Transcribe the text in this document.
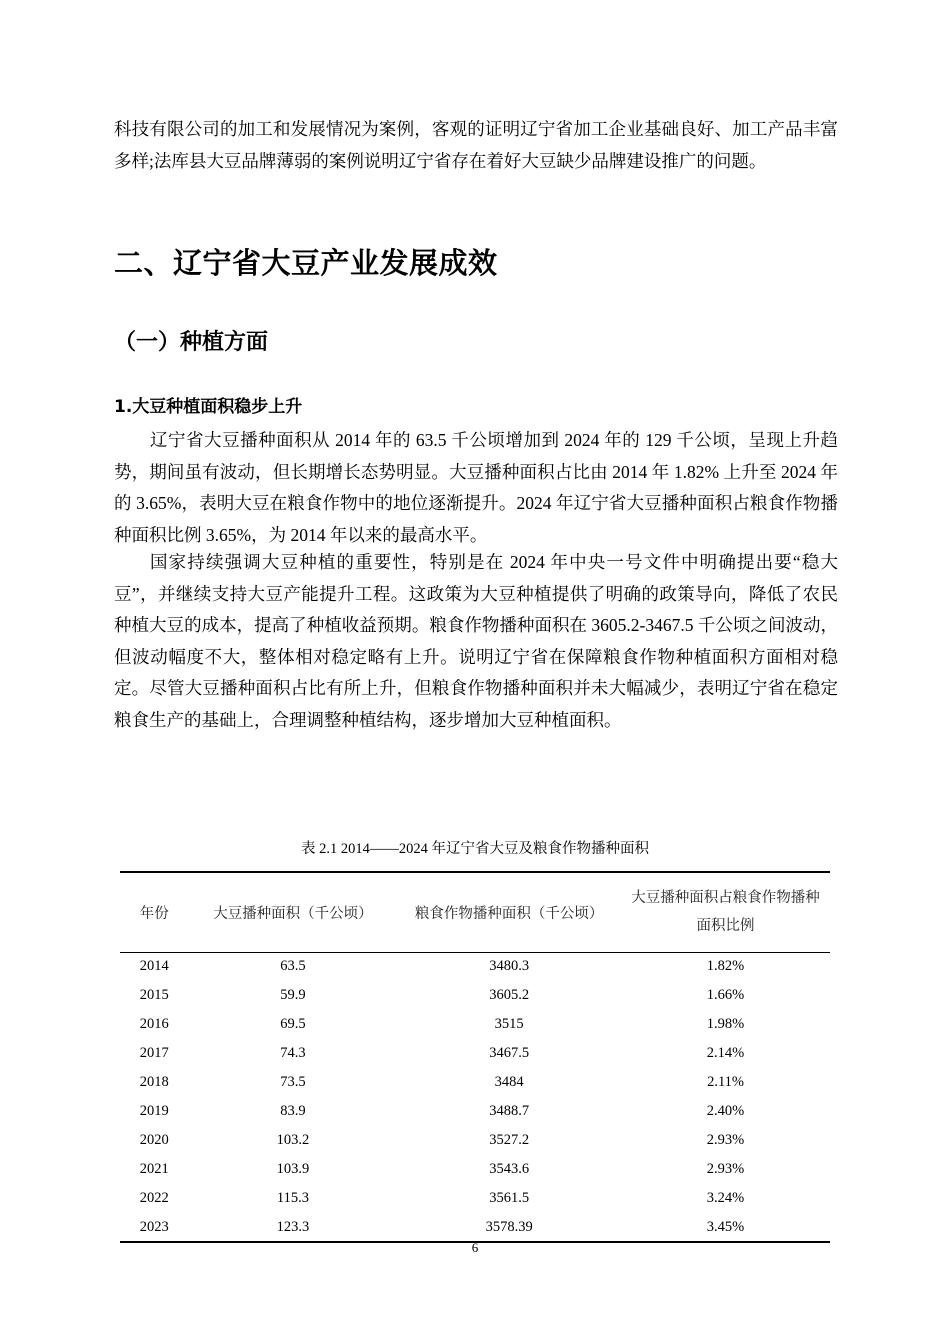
科技有限公司的加工和发展情况为案例，客观的证明辽宁省加工企业基础良好、加工产品丰富多样;法库县大豆品牌薄弱的案例说明辽宁省存在着好大豆缺少品牌建设推广的问题。

二、辽宁省大豆产业发展成效
（一）种植方面
1.大豆种植面积稳步上升

辽宁省大豆播种面积从 2014 年的 63.5 千公顷增加到 2024 年的 129 千公顷，呈现上升趋势，期间虽有波动，但长期增长态势明显。大豆播种面积占比由 2014 年 1.82% 上升至 2024 年的 3.65%，表明大豆在粮食作物中的地位逐渐提升。2024 年辽宁省大豆播种面积占粮食作物播种面积比例 3.65%，为 2014 年以来的最高水平。

国家持续强调大豆种植的重要性，特别是在 2024 年中央一号文件中明确提出要“稳大豆”，并继续支持大豆产能提升工程。这政策为大豆种植提供了明确的政策导向，降低了农民种植大豆的成本，提高了种植收益预期。粮食作物播种面积在 3605.2-3467.5 千公顷之间波动，但波动幅度不大，整体相对稳定略有上升。说明辽宁省在保障粮食作物种植面积方面相对稳定。尽管大豆播种面积占比有所上升，但粮食作物播种面积并未大幅减少，表明辽宁省在稳定粮食生产的基础上，合理调整种植结构，逐步增加大豆种植面积。

表 2.1 2014——2024 年辽宁省大豆及粮食作物播种面积
年份	大豆播种面积（千公顷）	粮食作物播种面积（千公顷）	大豆播种面积占粮食作物播种
面积比例

2014	63.5	3480.3	1.82%
2015	59.9	3605.2	1.66%
2016	69.5	3515	1.98%
2017	74.3	3467.5	2.14%
2018	73.5	3484	2.11%
2019	83.9	3488.7	2.40%
2020	103.2	3527.2	2.93%
2021	103.9	3543.6	2.93%
2022	115.3	3561.5	3.24%
2023	123.3	3578.39	3.45%
6
